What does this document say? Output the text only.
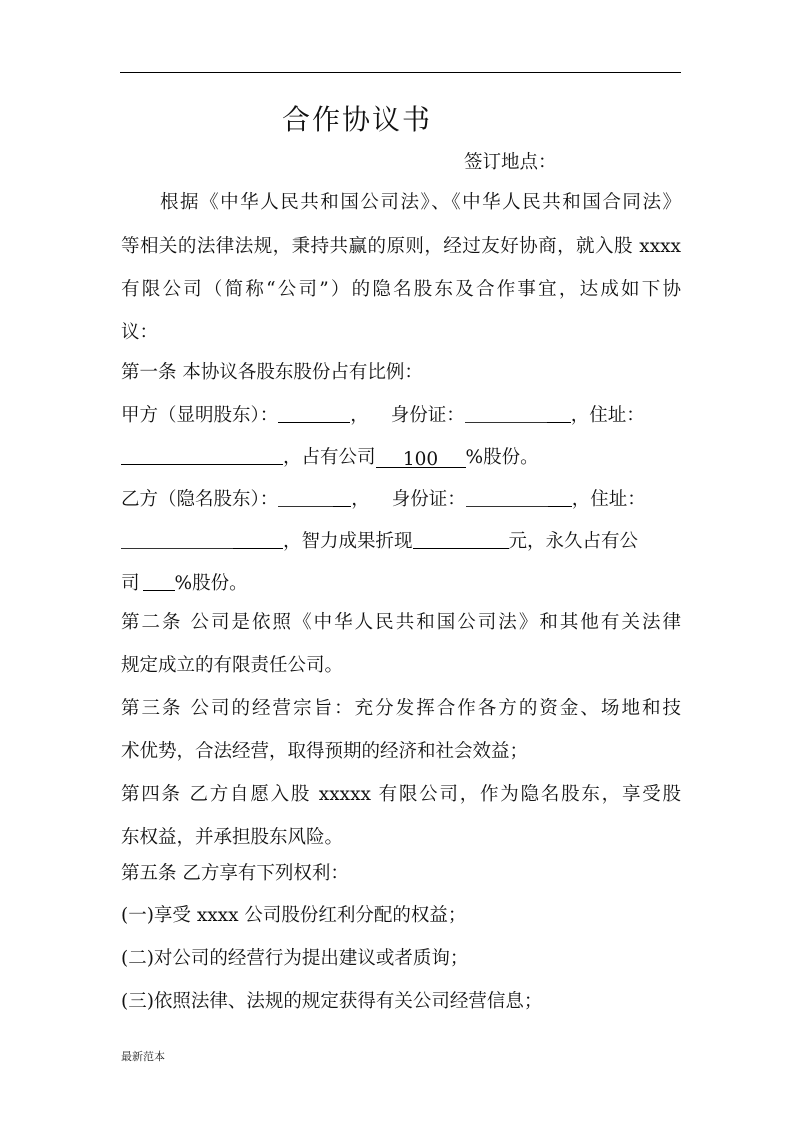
合作协议书
签订地点：
根据《中华人民共和国公司法》、《中华人民共和国合同法》
等相关的法律法规，秉持共赢的原则，经过友好协商，就入股 xxxx
有限公司（简称“公司”）的隐名股东及合作事宜，达成如下协
议：
第一条 本协议各股东股份占有比例：
甲方（显明股东）：	， 身份证：	，住址：
，占有公司 100 %股份。
乙方（隐名股东）：	， 身份证：	，住址：
，智力成果折现	元，永久占有公
司 %股份。
第二条 公司是依照《中华人民共和国公司法》和其他有关法律
规定成立的有限责任公司。
第三条 公司的经营宗旨：充分发挥合作各方的资金、场地和技
术优势，合法经营，取得预期的经济和社会效益；
第四条 乙方自愿入股 xxxxx 有限公司，作为隐名股东，享受股
东权益，并承担股东风险。
第五条 乙方享有下列权利：
(一)享受 xxxx 公司股份红利分配的权益；
(二)对公司的经营行为提出建议或者质询；
(三)依照法律、法规的规定获得有关公司经营信息；
最新范本
